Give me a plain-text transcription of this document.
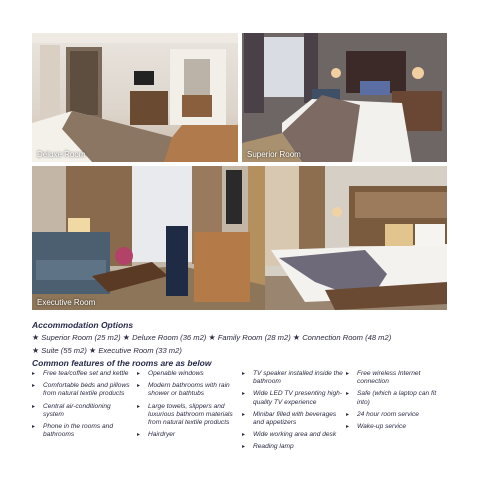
Deluxe Room	Superior Room
Executive Room
Accommodation Options
★ Superior Room (25 m2) ★ Deluxe Room (36 m2) ★ Family Room (28 m2) ★ Connection Room (48 m2)
★ Suite (55 m2) ★ Executive Room (33 m2)
Common features of the rooms are as below
▸ Free tea/coffee set and kettle
▸ Comfortable beds and pillows from natural textile products
▸ Central air-conditioning system
▸ Phone in the rooms and bathrooms
▸ Openable windows
▸ Modern bathrooms with rain shower or bathtubs
▸ Large towels, slippers and luxurious bathroom materials from natural textile products
▸ Hairdryer
▸ TV speaker installed inside the bathroom
▸ Wide LED TV presenting high-quality TV experience
▸ Minibar filled with beverages and appetizers
▸ Wide working area and desk
▸ Reading lamp
▸ Free wireless Internet connection
▸ Safe (which a laptop can fit into)
▸ 24 hour room service
▸ Wake-up service
